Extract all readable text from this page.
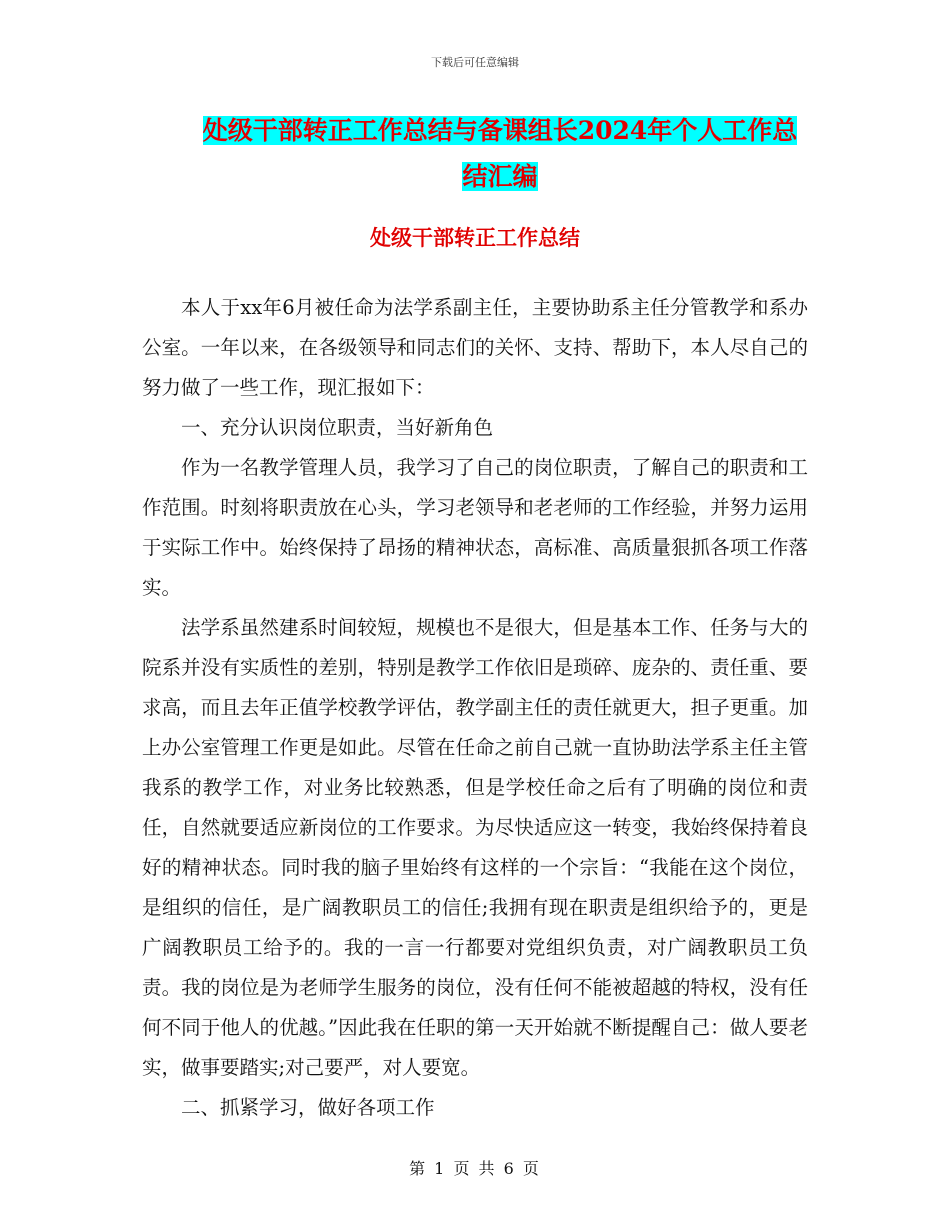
下载后可任意编辑
处级干部转正工作总结与备课组长2024年个人工作总
结汇编
处级干部转正工作总结

本人于xx年6月被任命为法学系副主任，主要协助系主任分管教学和系办公室。一年以来，在各级领导和同志们的关怀、支持、帮助下，本人尽自己的努力做了一些工作，现汇报如下：

一、充分认识岗位职责，当好新角色

作为一名教学管理人员，我学习了自己的岗位职责，了解自己的职责和工作范围。时刻将职责放在心头，学习老领导和老老师的工作经验，并努力运用于实际工作中。始终保持了昂扬的精神状态，高标准、高质量狠抓各项工作落实。

法学系虽然建系时间较短，规模也不是很大，但是基本工作、任务与大的院系并没有实质性的差别，特别是教学工作依旧是琐碎、庞杂的、责任重、要求高，而且去年正值学校教学评估，教学副主任的责任就更大，担子更重。加上办公室管理工作更是如此。尽管在任命之前自己就一直协助法学系主任主管我系的教学工作，对业务比较熟悉，但是学校任命之后有了明确的岗位和责任，自然就要适应新岗位的工作要求。为尽快适应这一转变，我始终保持着良好的精神状态。同时我的脑子里始终有这样的一个宗旨：“我能在这个岗位，是组织的信任，是广阔教职员工的信任;我拥有现在职责是组织给予的，更是广阔教职员工给予的。我的一言一行都要对党组织负责，对广阔教职员工负责。我的岗位是为老师学生服务的岗位，没有任何不能被超越的特权，没有任何不同于他人的优越。”因此我在任职的第一天开始就不断提醒自己：做人要老实，做事要踏实;对己要严，对人要宽。

二、抓紧学习，做好各项工作

第 1 页 共 6 页
